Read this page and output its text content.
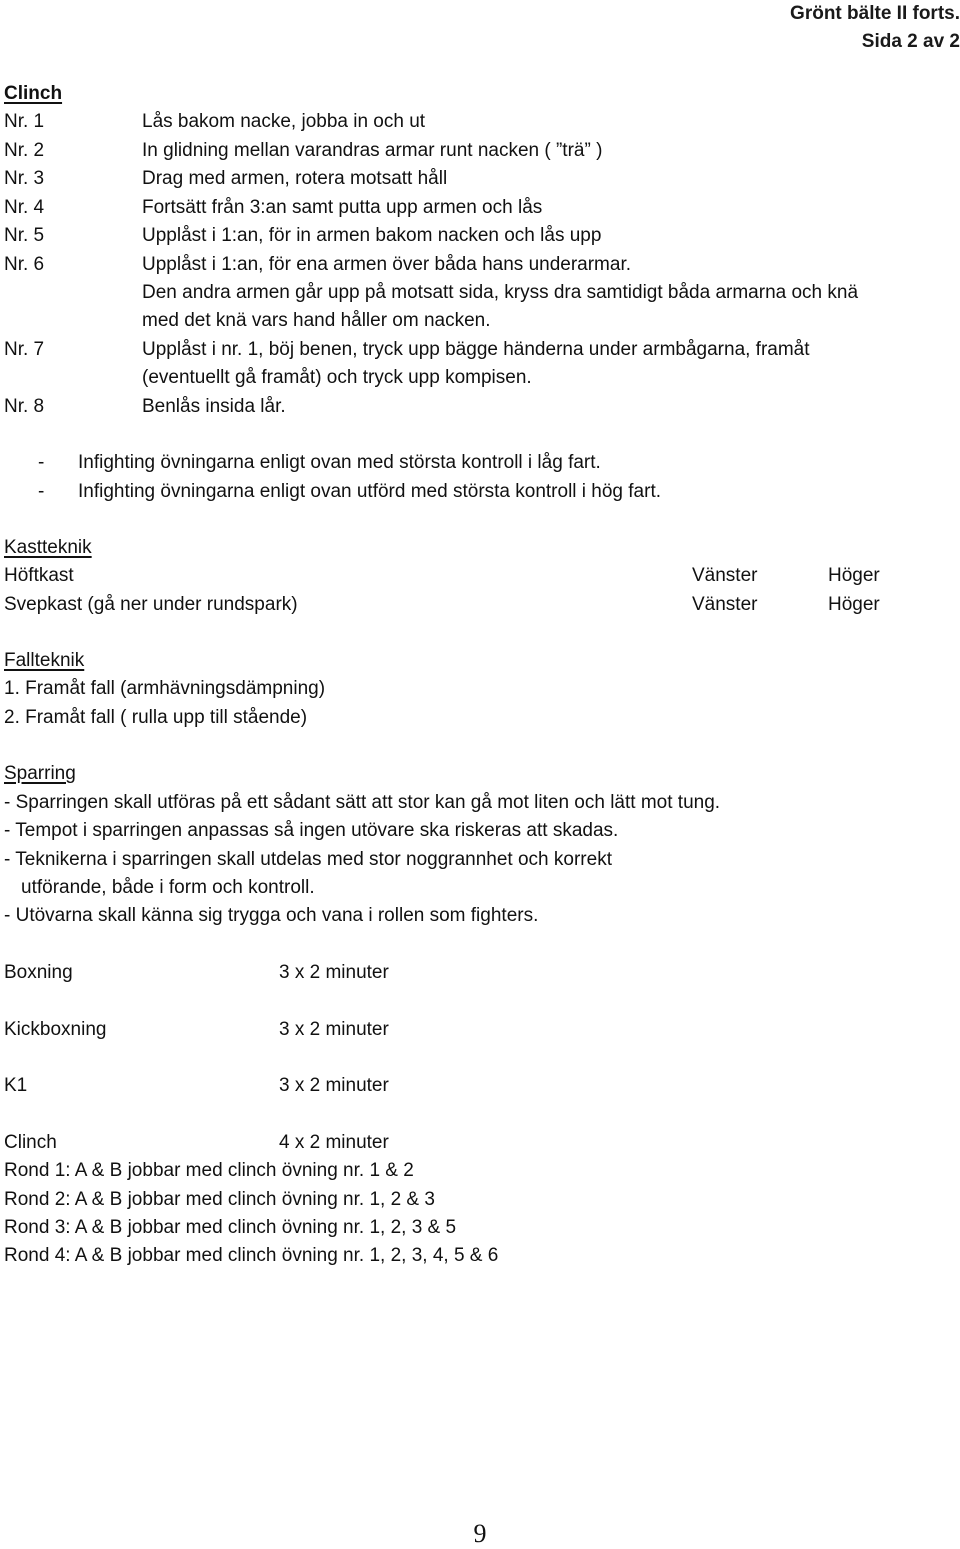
Grönt bälte II forts.
Sida 2 av 2
Clinch
Nr. 1	Lås bakom nacke, jobba in och ut
Nr. 2	In glidning mellan varandras armar runt nacken ( ”trä” )
Nr. 3	Drag med armen, rotera motsatt håll
Nr. 4	Fortsätt från 3:an samt putta upp armen och lås
Nr. 5	Upplåst i 1:an, för in armen bakom nacken och lås upp
Nr. 6	Upplåst i 1:an, för ena armen över båda hans underarmar.
Den andra armen går upp på motsatt sida, kryss dra samtidigt båda armarna och knä
med det knä vars hand håller om nacken.
Nr. 7	Upplåst i nr. 1, böj benen, tryck upp bägge händerna under armbågarna, framåt
(eventuellt gå framåt) och tryck upp kompisen.
Nr. 8	Benlås insida lår.
- Infighting övningarna enligt ovan med största kontroll i låg fart.
- Infighting övningarna enligt ovan utförd med största kontroll i hög fart.
Kastteknik
Höftkast	Vänster	Höger
Svepkast (gå ner under rundspark)	Vänster	Höger
Fallteknik
1. Framåt fall (armhävningsdämpning)
2. Framåt fall ( rulla upp till stående)
Sparring
- Sparringen skall utföras på ett sådant sätt att stor kan gå mot liten och lätt mot tung.
- Tempot i sparringen anpassas så ingen utövare ska riskeras att skadas.
- Teknikerna i sparringen skall utdelas med stor noggrannhet och korrekt
utförande, både i form och kontroll.
- Utövarna skall känna sig trygga och vana i rollen som fighters.
Boxning	3 x 2 minuter
Kickboxning	3 x 2 minuter
K1	3 x 2 minuter
Clinch	4 x 2 minuter
Rond 1: A & B jobbar med clinch övning nr. 1 & 2
Rond 2: A & B jobbar med clinch övning nr. 1, 2 & 3
Rond 3: A & B jobbar med clinch övning nr. 1, 2, 3 & 5
Rond 4: A & B jobbar med clinch övning nr. 1, 2, 3, 4, 5 & 6
9
